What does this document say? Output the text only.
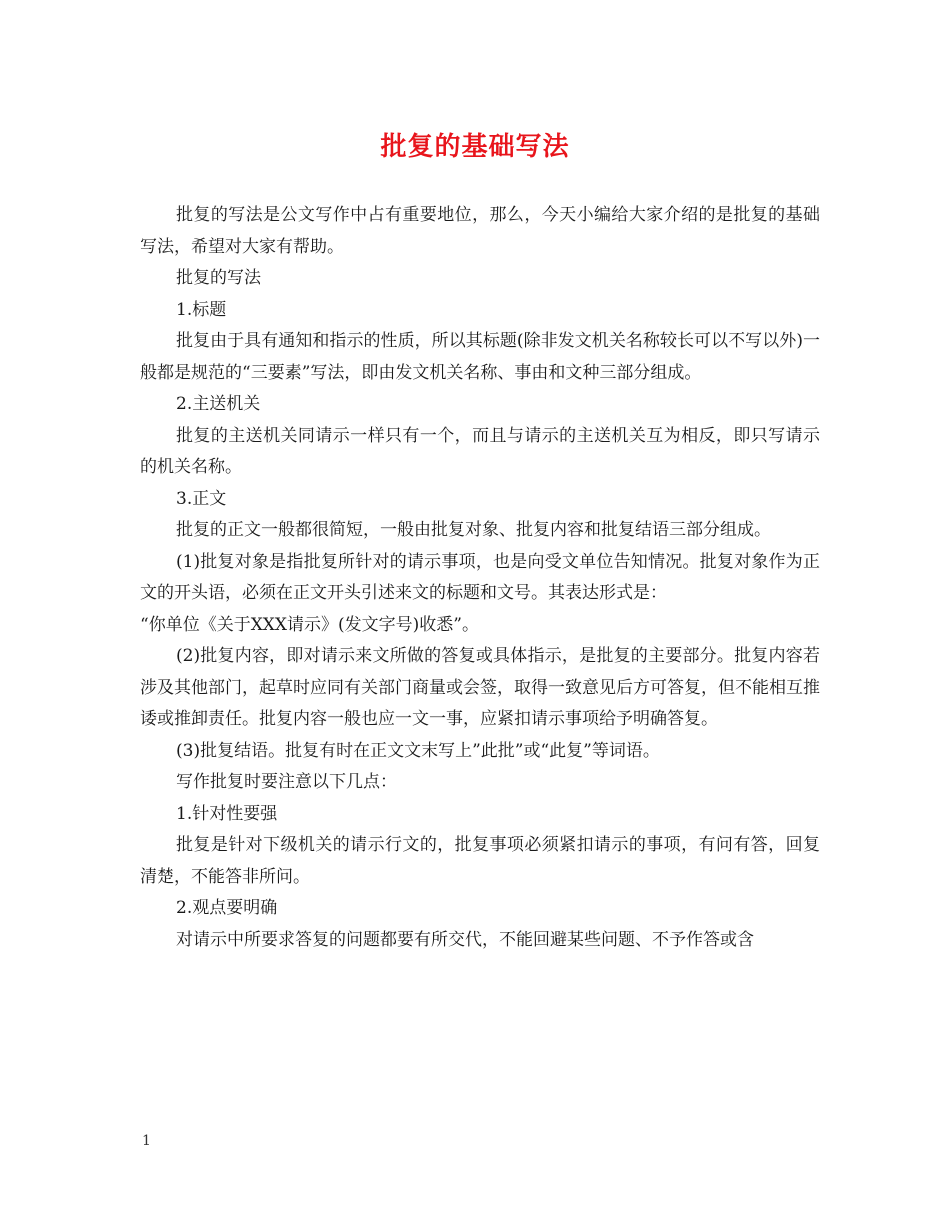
批复的基础写法

批复的写法是公文写作中占有重要地位，那么，今天小编给大家介绍的是批复的基础写法，希望对大家有帮助。

批复的写法

1.标题

批复由于具有通知和指示的性质，所以其标题(除非发文机关名称较长可以不写以外)一般都是规范的“三要素”写法，即由发文机关名称、事由和文种三部分组成。

2.主送机关

批复的主送机关同请示一样只有一个，而且与请示的主送机关互为相反，即只写请示的机关名称。

3.正文

批复的正文一般都很简短，一般由批复对象、批复内容和批复结语三部分组成。

(1)批复对象是指批复所针对的请示事项，也是向受文单位告知情况。批复对象作为正文的开头语，必须在正文开头引述来文的标题和文号。其表达形式是：

“你单位《关于XXX请示》(发文字号)收悉”。

(2)批复内容，即对请示来文所做的答复或具体指示，是批复的主要部分。批复内容若涉及其他部门，起草时应同有关部门商量或会签，取得一致意见后方可答复，但不能相互推诿或推卸责任。批复内容一般也应一文一事，应紧扣请示事项给予明确答复。

(3)批复结语。批复有时在正文文末写上”此批”或“此复”等词语。

写作批复时要注意以下几点：

1.针对性要强

批复是针对下级机关的请示行文的，批复事项必须紧扣请示的事项，有问有答，回复清楚，不能答非所问。

2.观点要明确

对请示中所要求答复的问题都要有所交代，不能回避某些问题、不予作答或含

1
